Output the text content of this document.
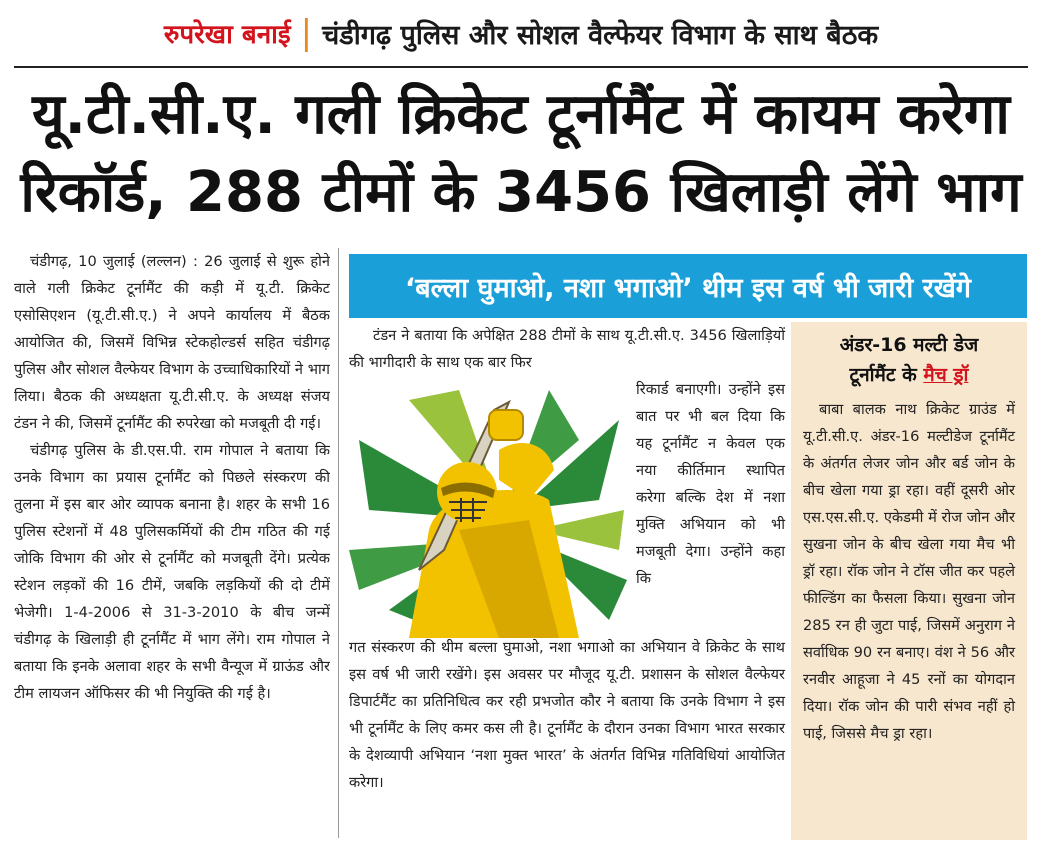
रुपरेखा बनाई | चंडीगढ़ पुलिस और सोशल वैल्फेयर विभाग के साथ बैठक
यू.टी.सी.ए. गली क्रिकेट टूर्नामैंट में कायम करेगा
रिकॉर्ड, 288 टीमों के 3456 खिलाड़ी लेंगे भाग

चंडीगढ़, 10 जुलाई (लल्लन) : 26 जुलाई से शुरू होने वाले गली क्रिकेट टूर्नामैंट की कड़ी में यू.टी. क्रिकेट एसोसिएशन (यू.टी.सी.ए.) ने अपने कार्यालय में बैठक आयोजित की, जिसमें विभिन्न स्टेकहोल्डर्स सहित चंडीगढ़ पुलिस और सोशल वैल्फेयर विभाग के उच्चाधिकारियों ने भाग लिया। बैठक की अध्यक्षता यू.टी.सी.ए. के अध्यक्ष संजय टंडन ने की, जिसमें टूर्नामैंट की रुपरेखा को मजबूती दी गई।

चंडीगढ़ पुलिस के डी.एस.पी. राम गोपाल ने बताया कि उनके विभाग का प्रयास टूर्नामैंट को पिछले संस्करण की तुलना में इस बार ओर व्यापक बनाना है। शहर के सभी 16 पुलिस स्टेशनों में 48 पुलिसकर्मियों की टीम गठित की गई जोकि विभाग की ओर से टूर्नामैंट को मजबूती देंगे। प्रत्येक स्टेशन लड़कों की 16 टीमें, जबकि लड़कियों की दो टीमें भेजेगी। 1-4-2006 से 31-3-2010 के बीच जन्में चंडीगढ़ के खिलाड़ी ही टूर्नामैंट में भाग लेंगे। राम गोपाल ने बताया कि इनके अलावा शहर के सभी वैन्यूज में ग्राऊंड और टीम लायजन ऑफिसर की भी नियुक्ति की गई है।

‘बल्ला घुमाओ, नशा भगाओ’ थीम इस वर्ष भी जारी रखेंगे

टंडन ने बताया कि अपेक्षित 288 टीमों के साथ यू.टी.सी.ए. 3456 खिलाड़ियों की भागीदारी के साथ एक बार फिर

रिकार्ड बनाएगी। उन्होंने इस बात पर भी बल दिया कि यह टूर्नामैंट न केवल एक नया कीर्तिमान स्थापित करेगा बल्कि देश में नशा मुक्ति अभियान को भी मजबूती देगा। उन्होंने कहा कि

गत संस्करण की थीम बल्ला घुमाओ, नशा भगाओ का अभियान वे क्रिकेट के साथ इस वर्ष भी जारी रखेंगे। इस अवसर पर मौजूद यू.टी. प्रशासन के सोशल वैल्फेयर डिपार्टमैंट का प्रतिनिधित्व कर रही प्रभजोत कौर ने बताया कि उनके विभाग ने इस भी टूर्नामैंट के लिए कमर कस ली है। टूर्नामैंट के दौरान उनका विभाग भारत सरकार के देशव्यापी अभियान ‘नशा मुक्त भारत’ के अंतर्गत विभिन्न गतिविधियां आयोजित करेगा।

अंडर-16 मल्टी डेज
टूर्नामैंट के मैच ड्रॉ

बाबा बालक नाथ क्रिकेट ग्राउंड में यू.टी.सी.ए. अंडर-16 मल्टीडेज टूर्नामैंट के अंतर्गत लेजर जोन और बर्ड जोन के बीच खेला गया ड्रा रहा। वहीं दूसरी ओर एस.एस.सी.ए. एकेडमी में रोज जोन और सुखना जोन के बीच खेला गया मैच भी ड्रॉ रहा। रॉक जोन ने टॉस जीत कर पहले फील्डिंग का फैसला किया। सुखना जोन 285 रन ही जुटा पाई, जिसमें अनुराग ने सर्वाधिक 90 रन बनाए। वंश ने 56 और रनवीर आहूजा ने 45 रनों का योगदान दिया। रॉक जोन की पारी संभव नहीं हो पाई, जिससे मैच ड्रा रहा।
